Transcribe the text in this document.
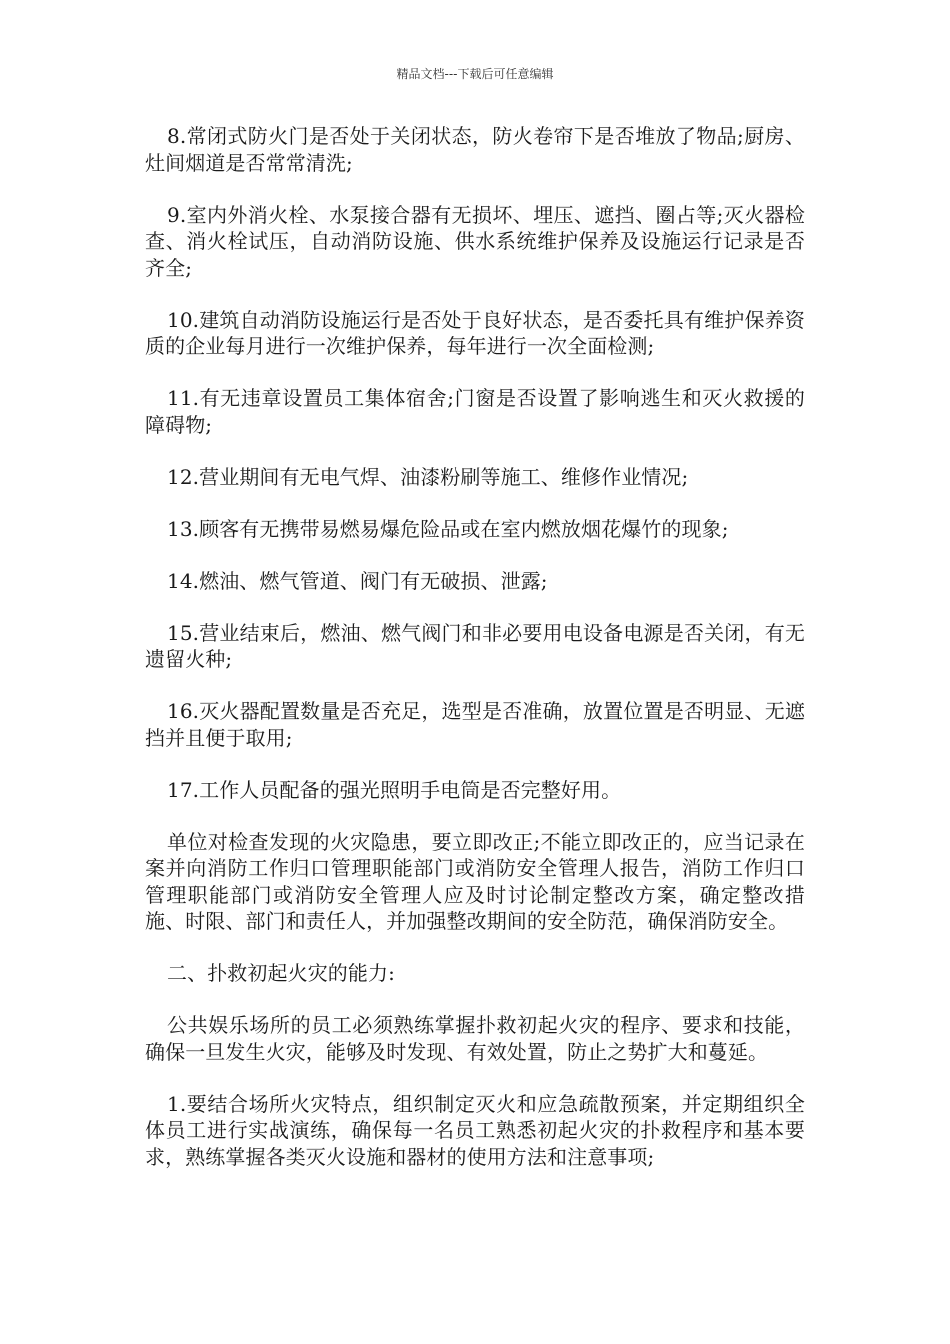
精品文档---下载后可任意编辑

8.常闭式防火门是否处于关闭状态，防火卷帘下是否堆放了物品;厨房、灶间烟道是否常常清洗;

9.室内外消火栓、水泵接合器有无损坏、埋压、遮挡、圈占等;灭火器检查、消火栓试压，自动消防设施、供水系统维护保养及设施运行记录是否齐全;

10.建筑自动消防设施运行是否处于良好状态，是否委托具有维护保养资质的企业每月进行一次维护保养，每年进行一次全面检测;

11.有无违章设置员工集体宿舍;门窗是否设置了影响逃生和灭火救援的障碍物;

12.营业期间有无电气焊、油漆粉刷等施工、维修作业情况;

13.顾客有无携带易燃易爆危险品或在室内燃放烟花爆竹的现象;

14.燃油、燃气管道、阀门有无破损、泄露;

15.营业结束后，燃油、燃气阀门和非必要用电设备电源是否关闭，有无遗留火种;

16.灭火器配置数量是否充足，选型是否准确，放置位置是否明显、无遮挡并且便于取用;

17.工作人员配备的强光照明手电筒是否完整好用。

单位对检查发现的火灾隐患，要立即改正;不能立即改正的，应当记录在案并向消防工作归口管理职能部门或消防安全管理人报告，消防工作归口管理职能部门或消防安全管理人应及时讨论制定整改方案，确定整改措施、时限、部门和责任人，并加强整改期间的安全防范，确保消防安全。

二、扑救初起火灾的能力:

公共娱乐场所的员工必须熟练掌握扑救初起火灾的程序、要求和技能，确保一旦发生火灾，能够及时发现、有效处置，防止之势扩大和蔓延。

1.要结合场所火灾特点，组织制定灭火和应急疏散预案，并定期组织全体员工进行实战演练，确保每一名员工熟悉初起火灾的扑救程序和基本要求，熟练掌握各类灭火设施和器材的使用方法和注意事项;
